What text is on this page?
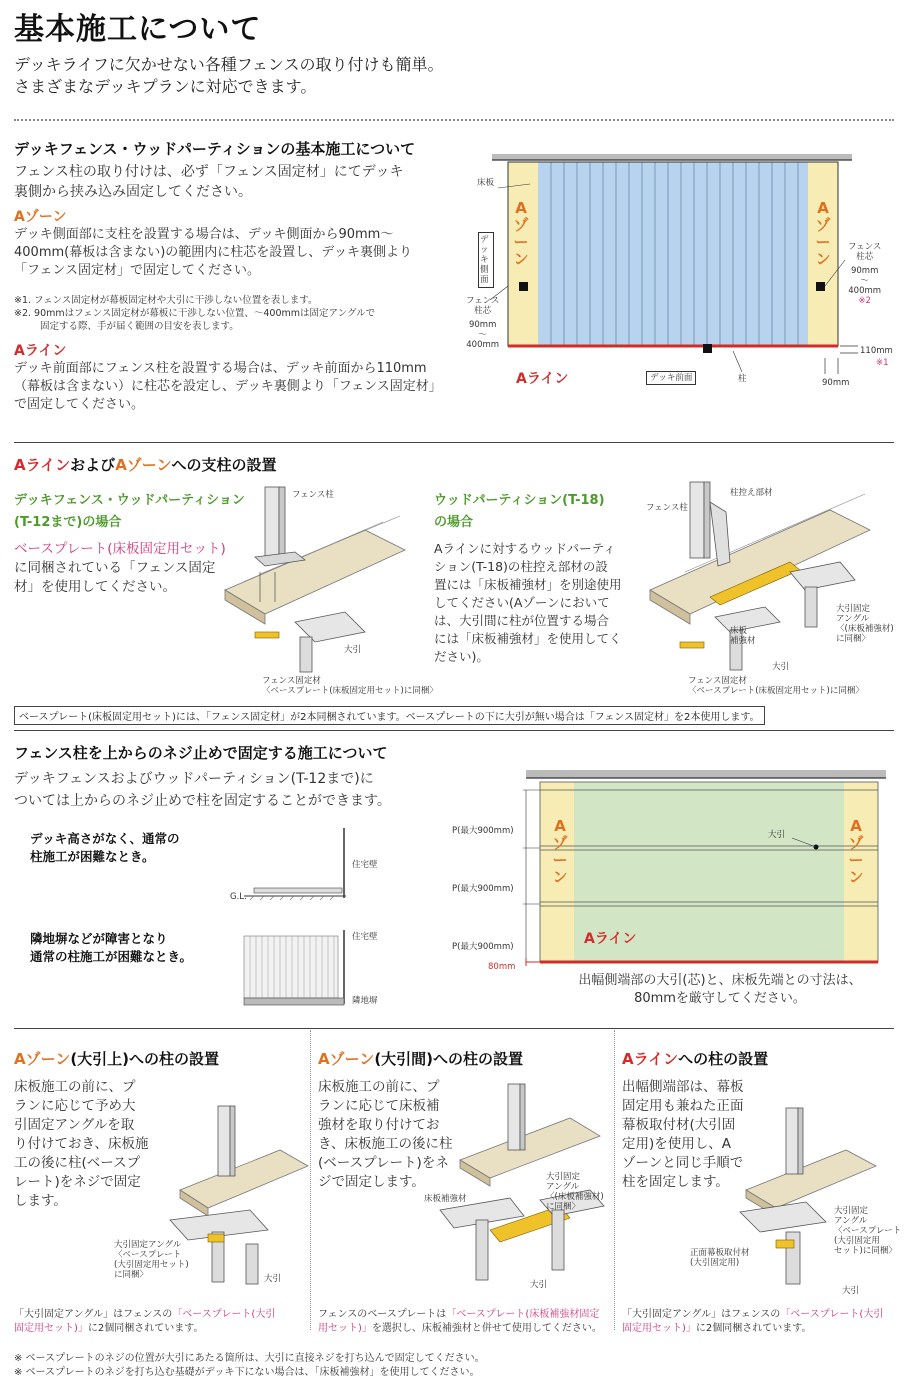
基本施工について
デッキライフに欠かせない各種フェンスの取り付けも簡単。
さまざまなデッキプランに対応できます。
デッキフェンス・ウッドパーティションの基本施工について
フェンス柱の取り付けは、必ず「フェンス固定材」にてデッキ
裏側から挟み込み固定してください。
Aゾーン
デッキ側面部に支柱を設置する場合は、デッキ側面から90mm〜
400mm(幕板は含まない)の範囲内に柱芯を設置し、デッキ裏側より
「フェンス固定材」で固定してください。
※1. フェンス固定材が幕板固定材や大引に干渉しない位置を表します。
※2. 90mmはフェンス固定材が幕板に干渉しない位置、〜400mmは固定アングルで
固定する際、手が届く範囲の目安を表します。
Aライン
デッキ前面部にフェンス柱を設置する場合は、デッキ前面から110mm
（幕板は含まない）に柱芯を設定し、デッキ裏側より「フェンス固定材」
で固定してください。
床板
デッキ側面
フェンス
柱芯
90mm
〜
400mm
フェンス
柱芯
90mm
〜
400mm
※2
110mm
※1
90mm
デッキ前面	柱
Aゾーン
Aゾーン
Aライン
AラインおよびAゾーンへの支柱の設置
デッキフェンス・ウッドパーティション
(T-12まで)の場合
ベースプレート(床板固定用セット)
に同梱されている「フェンス固定
材」を使用してください。
フェンス柱
大引
フェンス固定材
〈ベースプレート(床板固定用セット)に同梱〉
ウッドパーティション(T-18)
の場合
Aラインに対するウッドパーティ
ション(T-18)の柱控え部材の設
置には「床板補強材」を別途使用
してください(Aゾーンにおいて
は、大引間に柱が位置する場合
には「床板補強材」を使用してく
ださい)。
フェンス柱
柱控え部材
床板
補強材
大引固定
アングル
〈(床板補強材)
に同梱〉
大引
フェンス固定材
〈ベースプレート(床板固定用セット)に同梱〉
ベースプレート(床板固定用セット)には、「フェンス固定材」が2本同梱されています。ベースプレートの下に大引が無い場合は「フェンス固定材」を2本使用します。
フェンス柱を上からのネジ止めで固定する施工について
デッキフェンスおよびウッドパーティション(T-12まで)に
ついては上からのネジ止めで柱を固定することができます。
デッキ高さがなく、通常の
柱施工が困難なとき。
住宅壁
G.L.
隣地塀などが障害となり
通常の柱施工が困難なとき。
住宅壁
隣地塀
P(最大900mm)
P(最大900mm)
P(最大900mm)
80mm
大引
Aゾーン
Aゾーン
Aライン
出幅側端部の大引(芯)と、床板先端との寸法は、
80mmを厳守してください。
Aゾーン(大引上)への柱の設置
床板施工の前に、プ
ランに応じて予め大
引固定アングルを取
り付けておき、床板施
工の後に柱(ベースプ
レート)をネジで固定
します。
大引固定アングル
〈ベースプレート
(大引固定用セット)
に同梱〉	大引
「大引固定アングル」はフェンスの「ベースプレート(大引
固定用セット)」に2個同梱されています。
Aゾーン(大引間)への柱の設置
床板施工の前に、プ
ランに応じて床板補
強材を取り付けてお
き、床板施工の後に柱
(ベースプレート)をネ
ジで固定します。
床板補強材
大引固定
アングル
〈(床板補強材)
に同梱〉
大引
フェンスのベースプレートは「ベースプレート(床板補強材固定
用セット)」を選択し、床板補強材と併せて使用してください。
Aラインへの柱の設置
出幅側端部は、幕板
固定用も兼ねた正面
幕板取付材(大引固
定用)を使用し、A
ゾーンと同じ手順で
柱を固定します。
大引固定
アングル
〈ベースプレート
(大引固定用
セット)に同梱〉
正面幕板取付材
(大引固定用)
大引
「大引固定アングル」はフェンスの「ベースプレート(大引
固定用セット)」に2個同梱されています。
※ ベースプレートのネジの位置が大引にあたる箇所は、大引に直接ネジを打ち込んで固定してください。
※ ベースプレートのネジを打ち込む基礎がデッキ下にない場合は、「床板補強材」を使用してください。
